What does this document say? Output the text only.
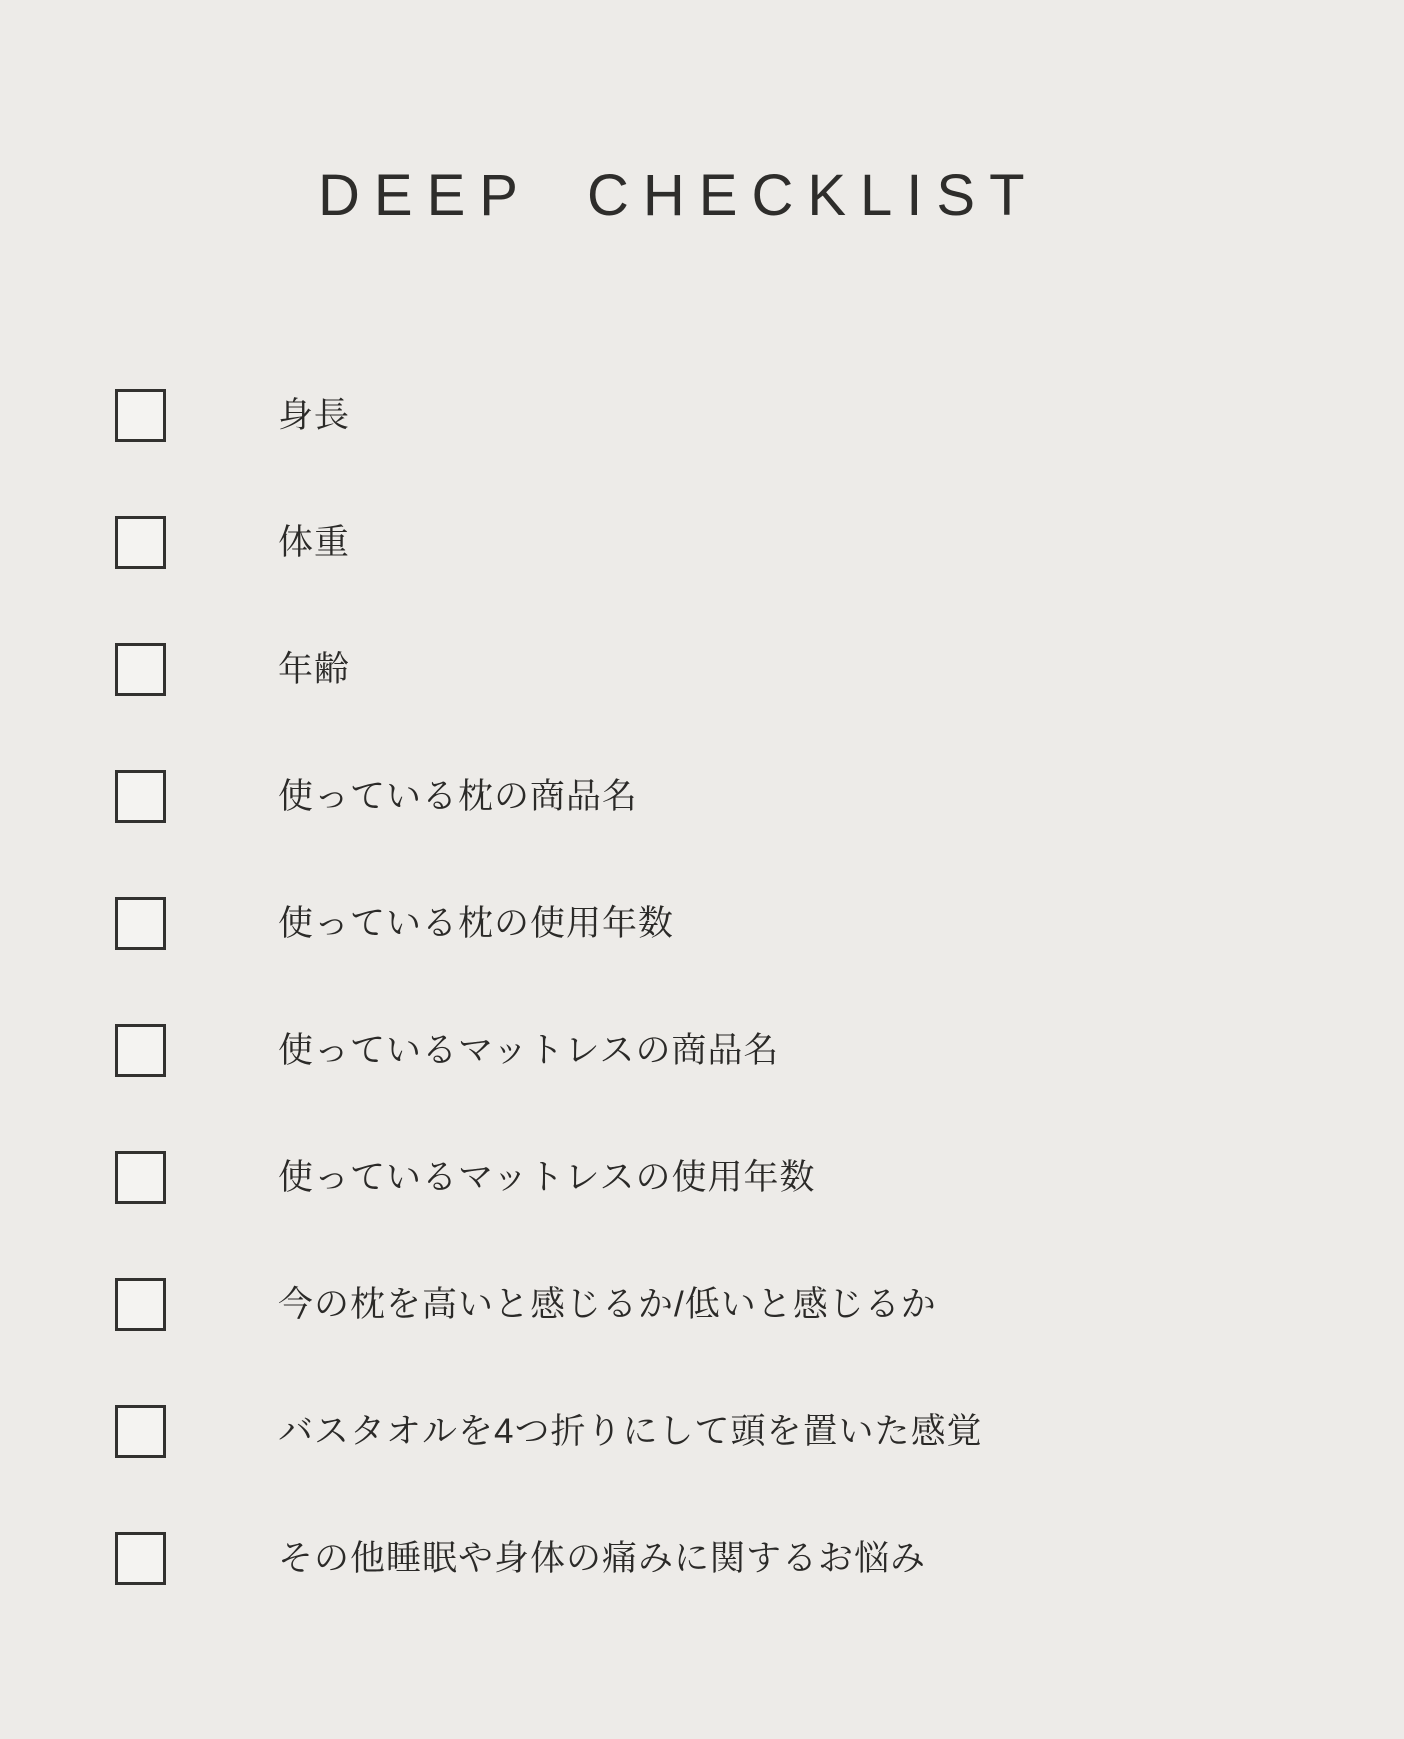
DEEP CHECKLIST
身長
体重
年齢
使っている枕の商品名
使っている枕の使用年数
使っているマットレスの商品名
使っているマットレスの使用年数
今の枕を高いと感じるか/低いと感じるか
バスタオルを4つ折りにして頭を置いた感覚
その他睡眠や身体の痛みに関するお悩み
